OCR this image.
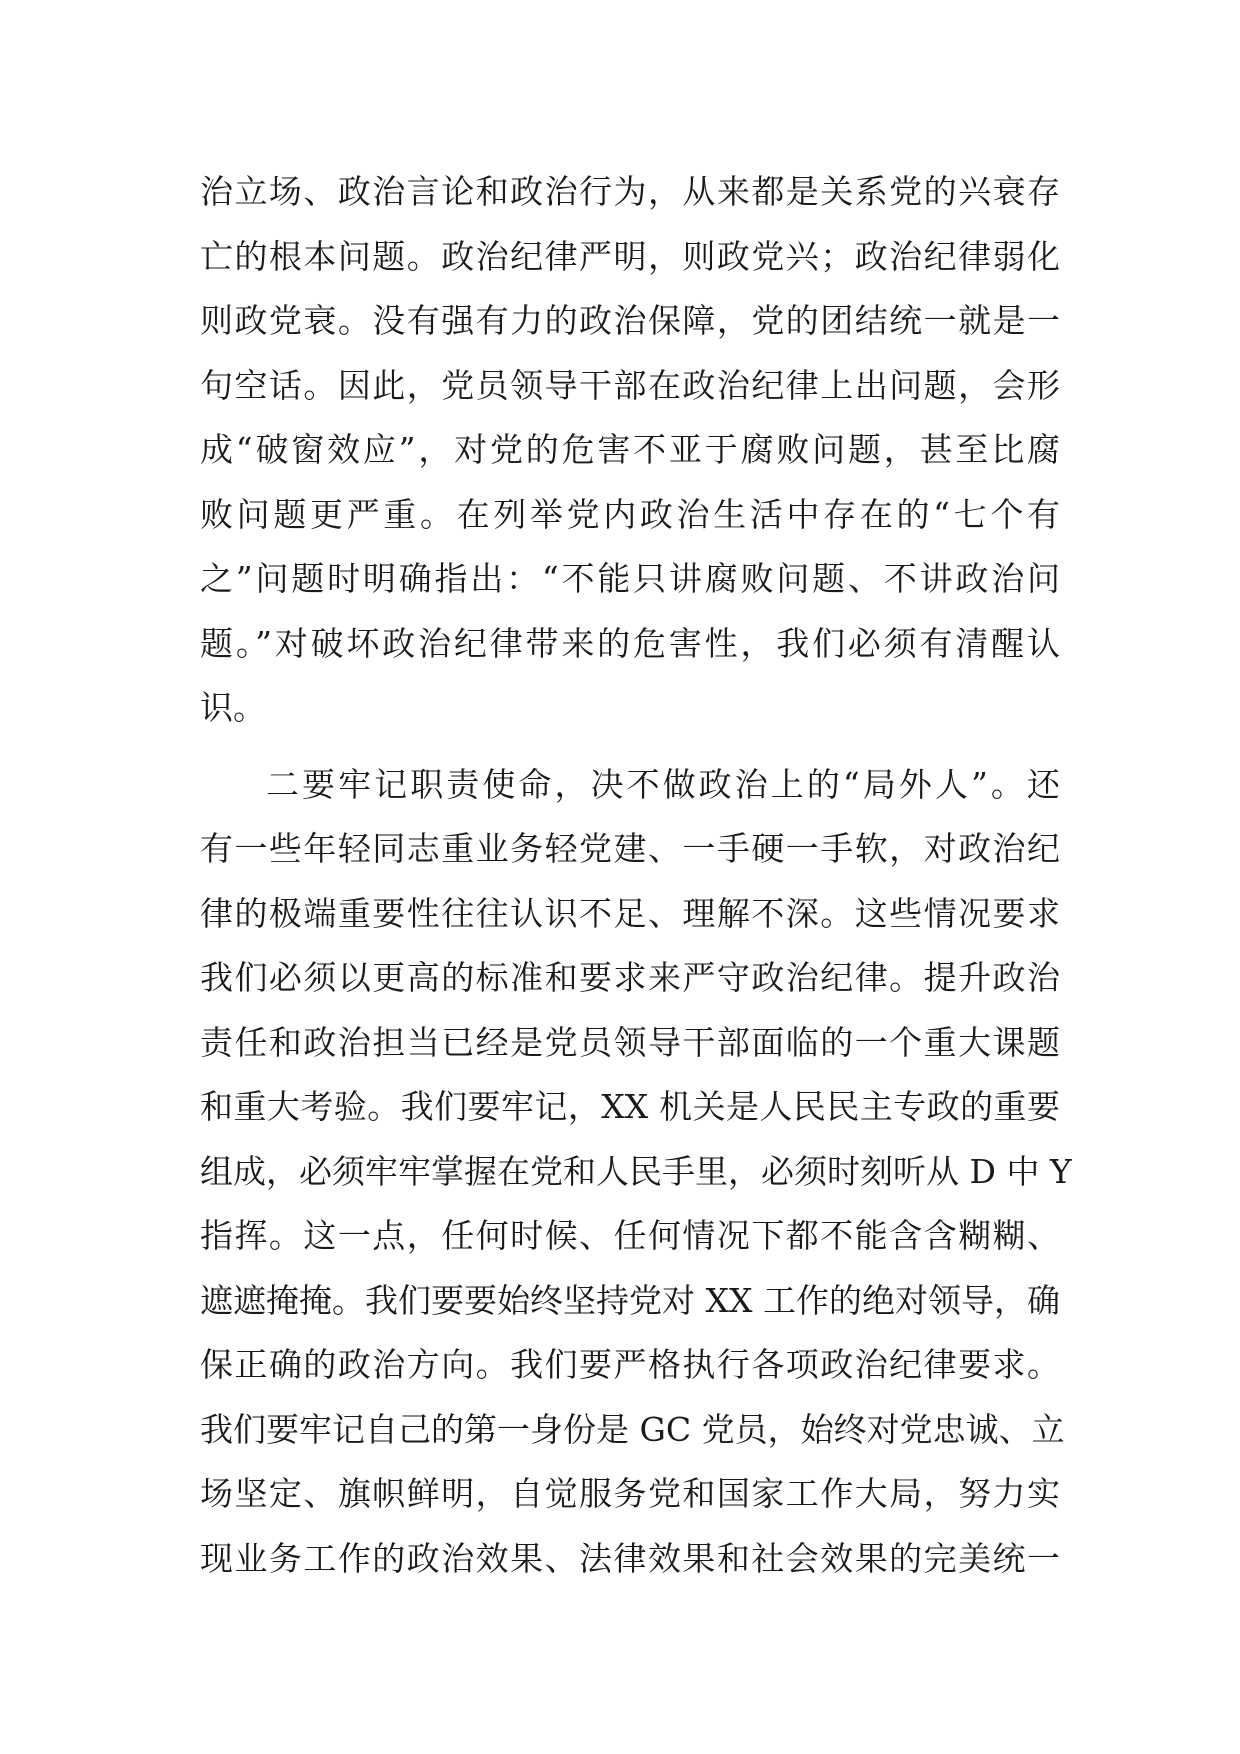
治立场、政治言论和政治行为，从来都是关系党的兴衰存
亡的根本问题。政治纪律严明，则政党兴；政治纪律弱化
则政党衰。没有强有力的政治保障，党的团结统一就是一
句空话。因此，党员领导干部在政治纪律上出问题，会形
成“破窗效应”，对党的危害不亚于腐败问题，甚至比腐
败问题更严重。在列举党内政治生活中存在的“七个有
之”问题时明确指出：“不能只讲腐败问题、不讲政治问
题。”对破坏政治纪律带来的危害性，我们必须有清醒认
识。
二要牢记职责使命，决不做政治上的“局外人”。还
有一些年轻同志重业务轻党建、一手硬一手软，对政治纪
律的极端重要性往往认识不足、理解不深。这些情况要求
我们必须以更高的标准和要求来严守政治纪律。提升政治
责任和政治担当已经是党员领导干部面临的一个重大课题
和重大考验。我们要牢记，XX 机关是人民民主专政的重要
组成，必须牢牢掌握在党和人民手里，必须时刻听从 D 中 Y
指挥。这一点，任何时候、任何情况下都不能含含糊糊、
遮遮掩掩。我们要要始终坚持党对 XX 工作的绝对领导，确
保正确的政治方向。我们要严格执行各项政治纪律要求。
我们要牢记自己的第一身份是 GC 党员，始终对党忠诚、立
场坚定、旗帜鲜明，自觉服务党和国家工作大局，努力实
现业务工作的政治效果、法律效果和社会效果的完美统一
